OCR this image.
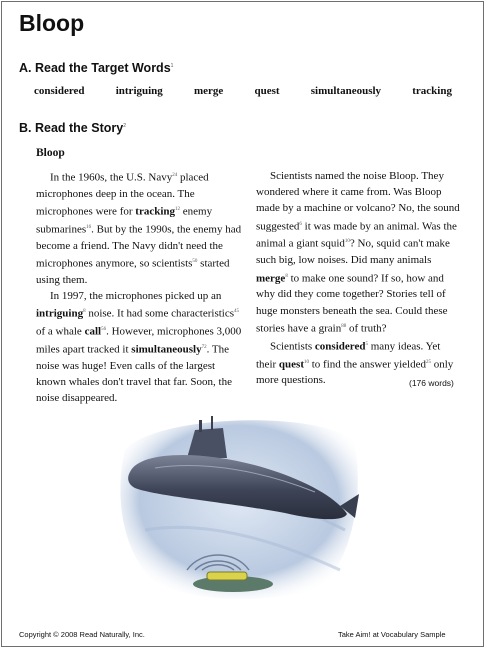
Bloop
A. Read the Target Words$^1$
considered	intriguing	merge	quest	simultaneously	tracking
B. Read the Story$^2$
Bloop

In the 1960s, the U.S. Navy$^{24}$ placed microphones deep in the ocean. The microphones were for tracking$^{12}$ enemy submarines$^{16}$. But by the 1990s, the enemy had become a friend. The Navy didn't need the microphones anymore, so scientists$^{50}$ started using them.

In 1997, the microphones picked up an intriguing$^8$ noise. It had some characteristics$^{45}$ of a whale call$^{56}$. However, microphones 3,000 miles apart tracked it simultaneously$^{72}$. The noise was huge! Even calls of the largest known whales don't travel that far. Soon, the noise disappeared.

Scientists named the noise Bloop. They wondered where it came from. Was Bloop made by a machine or volcano? No, the sound suggested$^6$ it was made by an animal. Was the animal a giant squid$^{10}$? No, squid can't make such big, low noises. Did many animals merge$^8$ to make one sound? If so, how and why did they come together? Stories tell of huge monsters beneath the sea. Could these stories have a grain$^{88}$ of truth?

Scientists considered$^5$ many ideas. Yet their quest$^{10}$ to find the answer yielded$^{25}$ only more questions.	(176 words)
Copyright © 2008 Read Naturally, Inc.	Take Aim! at Vocabulary Sample
